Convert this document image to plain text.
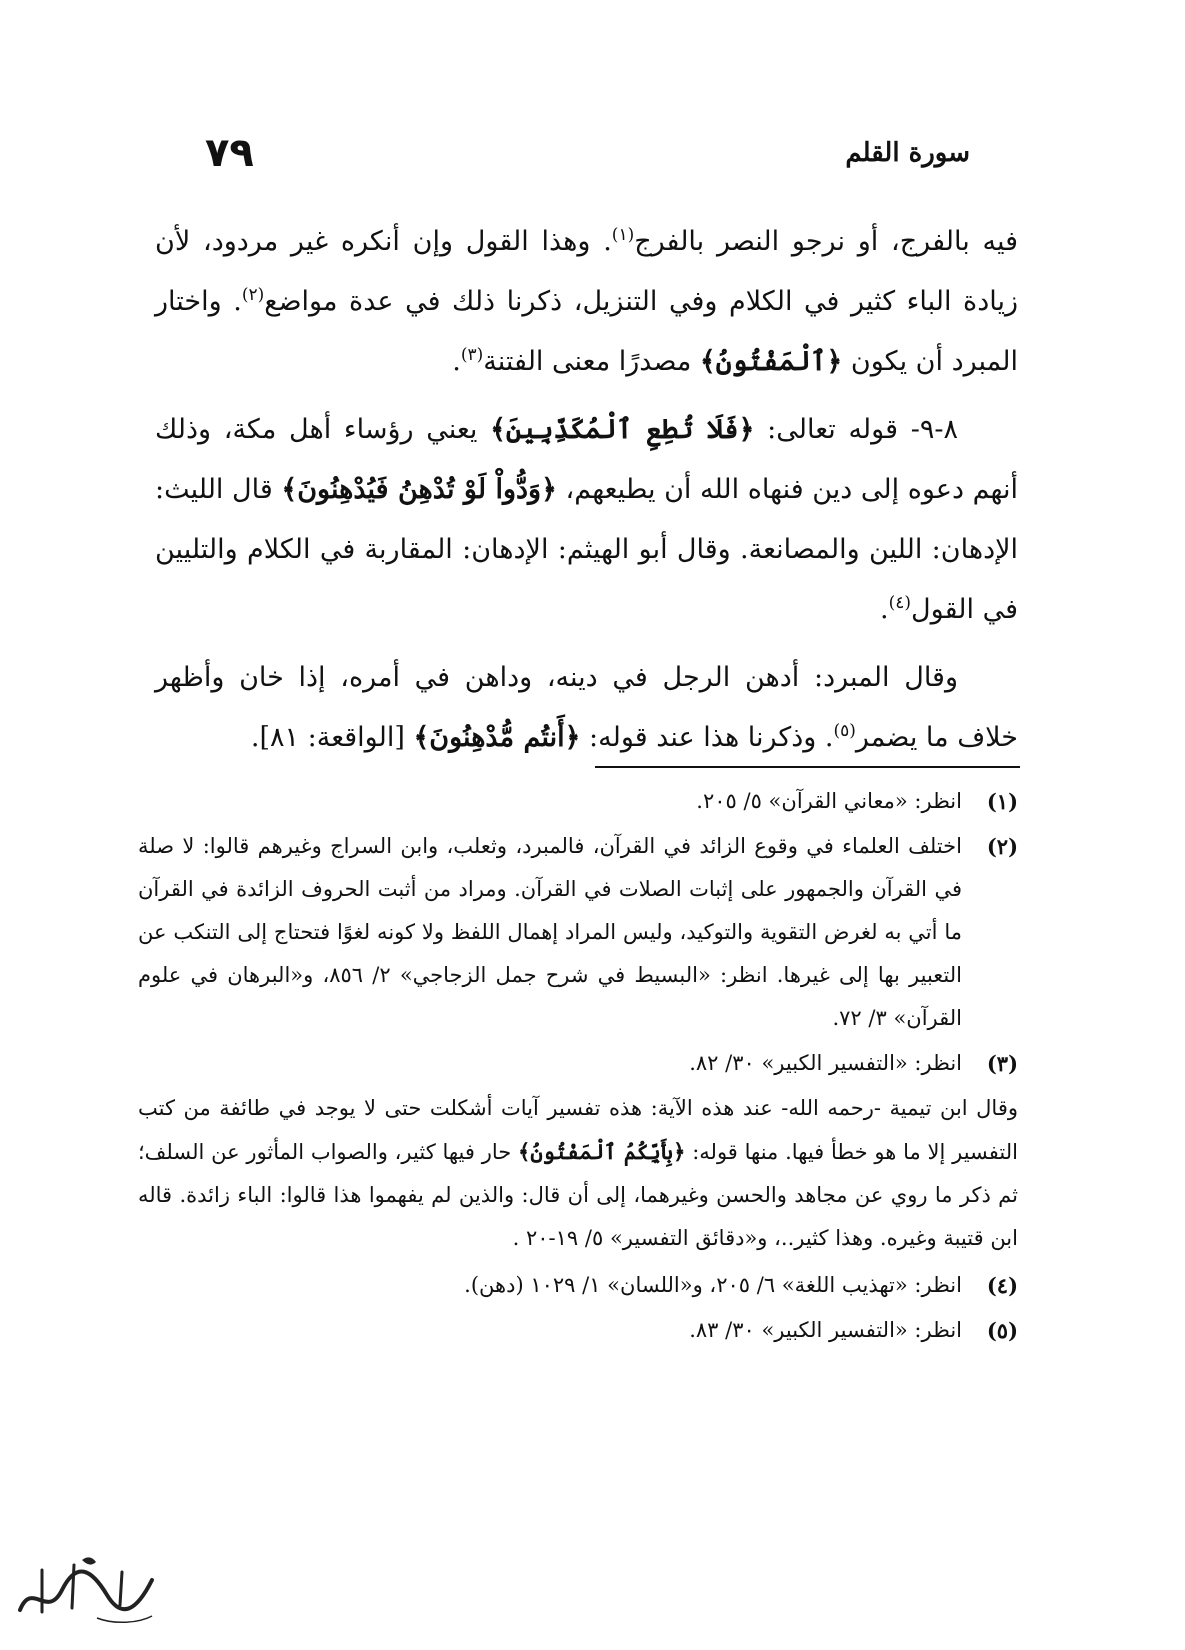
٧٩	سورة القلم

فيه بالفرج، أو نرجو النصر بالفرج$^{(١)}$. وهذا القول وإن أنكره غير مردود، لأن زيادة الباء كثير في الكلام وفي التنزيل، ذكرنا ذلك في عدة مواضع$^{(٢)}$. واختار المبرد أن يكون ﴿ٱلْمَفْتُونُ﴾ مصدرًا معنى الفتنة$^{(٣)}$.

٨-٩- قوله تعالى: ﴿فَلَا تُطِعِ ٱلْمُكَذِّبِينَ﴾ يعني رؤساء أهل مكة، وذلك أنهم دعوه إلى دين فنهاه الله أن يطيعهم، ﴿وَدُّواْ لَوْ تُدْهِنُ فَيُدْهِنُونَ﴾ قال الليث: الإدهان: اللين والمصانعة. وقال أبو الهيثم: الإدهان: المقاربة في الكلام والتليين في القول$^{(٤)}$.

وقال المبرد: أدهن الرجل في دينه، وداهن في أمره، إذا خان وأظهر خلاف ما يضمر$^{(٥)}$. وذكرنا هذا عند قوله: ﴿أَنتُم مُّدْهِنُونَ﴾ [الواقعة: ٨١].

(١)
انظر: «معاني القرآن» ٥/ ٢٠٥.
(٢)
اختلف العلماء في وقوع الزائد في القرآن، فالمبرد، وثعلب، وابن السراج وغيرهم قالوا: لا صلة في القرآن والجمهور على إثبات الصلات في القرآن. ومراد من أثبت الحروف الزائدة في القرآن ما أتي به لغرض التقوية والتوكيد، وليس المراد إهمال اللفظ ولا كونه لغوًا فتحتاج إلى التنكب عن التعبير بها إلى غيرها. انظر: «البسيط في شرح جمل الزجاجي» ٢/ ٨٥٦، و«البرهان في علوم القرآن» ٣/ ٧٢.
(٣)
انظر: «التفسير الكبير» ٣٠/ ٨٢.
وقال ابن تيمية -رحمه الله- عند هذه الآية: هذه تفسير آيات أشكلت حتى لا يوجد في طائفة من كتب التفسير إلا ما هو خطأ فيها. منها قوله: ﴿بِأَيِّكُمُ ٱلْمَفْتُونُ﴾ حار فيها كثير، والصواب المأثور عن السلف؛ ثم ذكر ما روي عن مجاهد والحسن وغيرهما، إلى أن قال: والذين لم يفهموا هذا قالوا: الباء زائدة. قاله ابن قتيبة وغيره. وهذا كثير..، و«دقائق التفسير» ٥/ ١٩-٢٠ .
(٤)
انظر: «تهذيب اللغة» ٦/ ٢٠٥، و«اللسان» ١/ ١٠٢٩ (دهن).
(٥)
انظر: «التفسير الكبير» ٣٠/ ٨٣.
